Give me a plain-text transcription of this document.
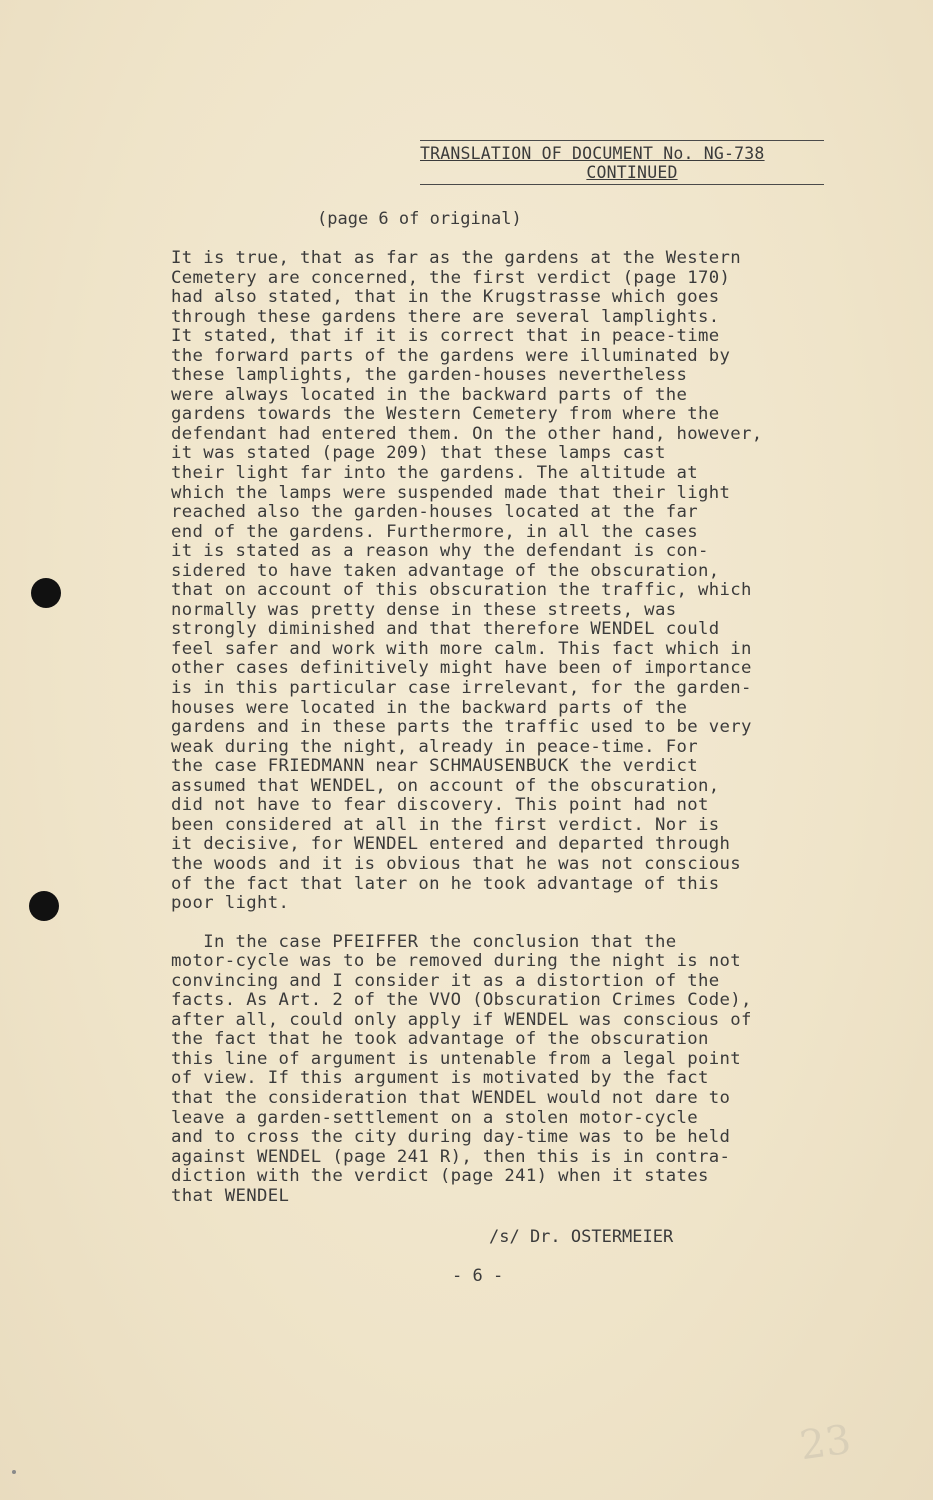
TRANSLATION OF DOCUMENT No. NG-738
CONTINUED
(page 6 of original)
It is true, that as far as the gardens at the Western
Cemetery are concerned, the first verdict (page 170)
had also stated, that in the Krugstrasse which goes
through these gardens there are several lamplights.
It stated, that if it is correct that in peace-time
the forward parts of the gardens were illuminated by
these lamplights, the garden-houses nevertheless
were always located in the backward parts of the
gardens towards the Western Cemetery from where the
defendant had entered them. On the other hand, however,
it was stated (page 209) that these lamps cast
their light far into the gardens. The altitude at
which the lamps were suspended made that their light
reached also the garden-houses located at the far
end of the gardens. Furthermore, in all the cases
it is stated as a reason why the defendant is con-
sidered to have taken advantage of the obscuration,
that on account of this obscuration the traffic, which
normally was pretty dense in these streets, was
strongly diminished and that therefore WENDEL could
feel safer and work with more calm. This fact which in
other cases definitively might have been of importance
is in this particular case irrelevant, for the garden-
houses were located in the backward parts of the
gardens and in these parts the traffic used to be very
weak during the night, already in peace-time. For
the case FRIEDMANN near SCHMAUSENBUCK the verdict
assumed that WENDEL, on account of the obscuration,
did not have to fear discovery. This point had not
been considered at all in the first verdict. Nor is
it decisive, for WENDEL entered and departed through
the woods and it is obvious that he was not conscious
of the fact that later on he took advantage of this
poor light.
In the case PFEIFFER the conclusion that the
motor-cycle was to be removed during the night is not
convincing and I consider it as a distortion of the
facts. As Art. 2 of the VVO (Obscuration Crimes Code),
after all, could only apply if WENDEL was conscious of
the fact that he took advantage of the obscuration
this line of argument is untenable from a legal point
of view. If this argument is motivated by the fact
that the consideration that WENDEL would not dare to
leave a garden-settlement on a stolen motor-cycle
and to cross the city during day-time was to be held
against WENDEL (page 241 R), then this is in contra-
diction with the verdict (page 241) when it states
that WENDEL
/s/ Dr. OSTERMEIER
- 6 -
23
